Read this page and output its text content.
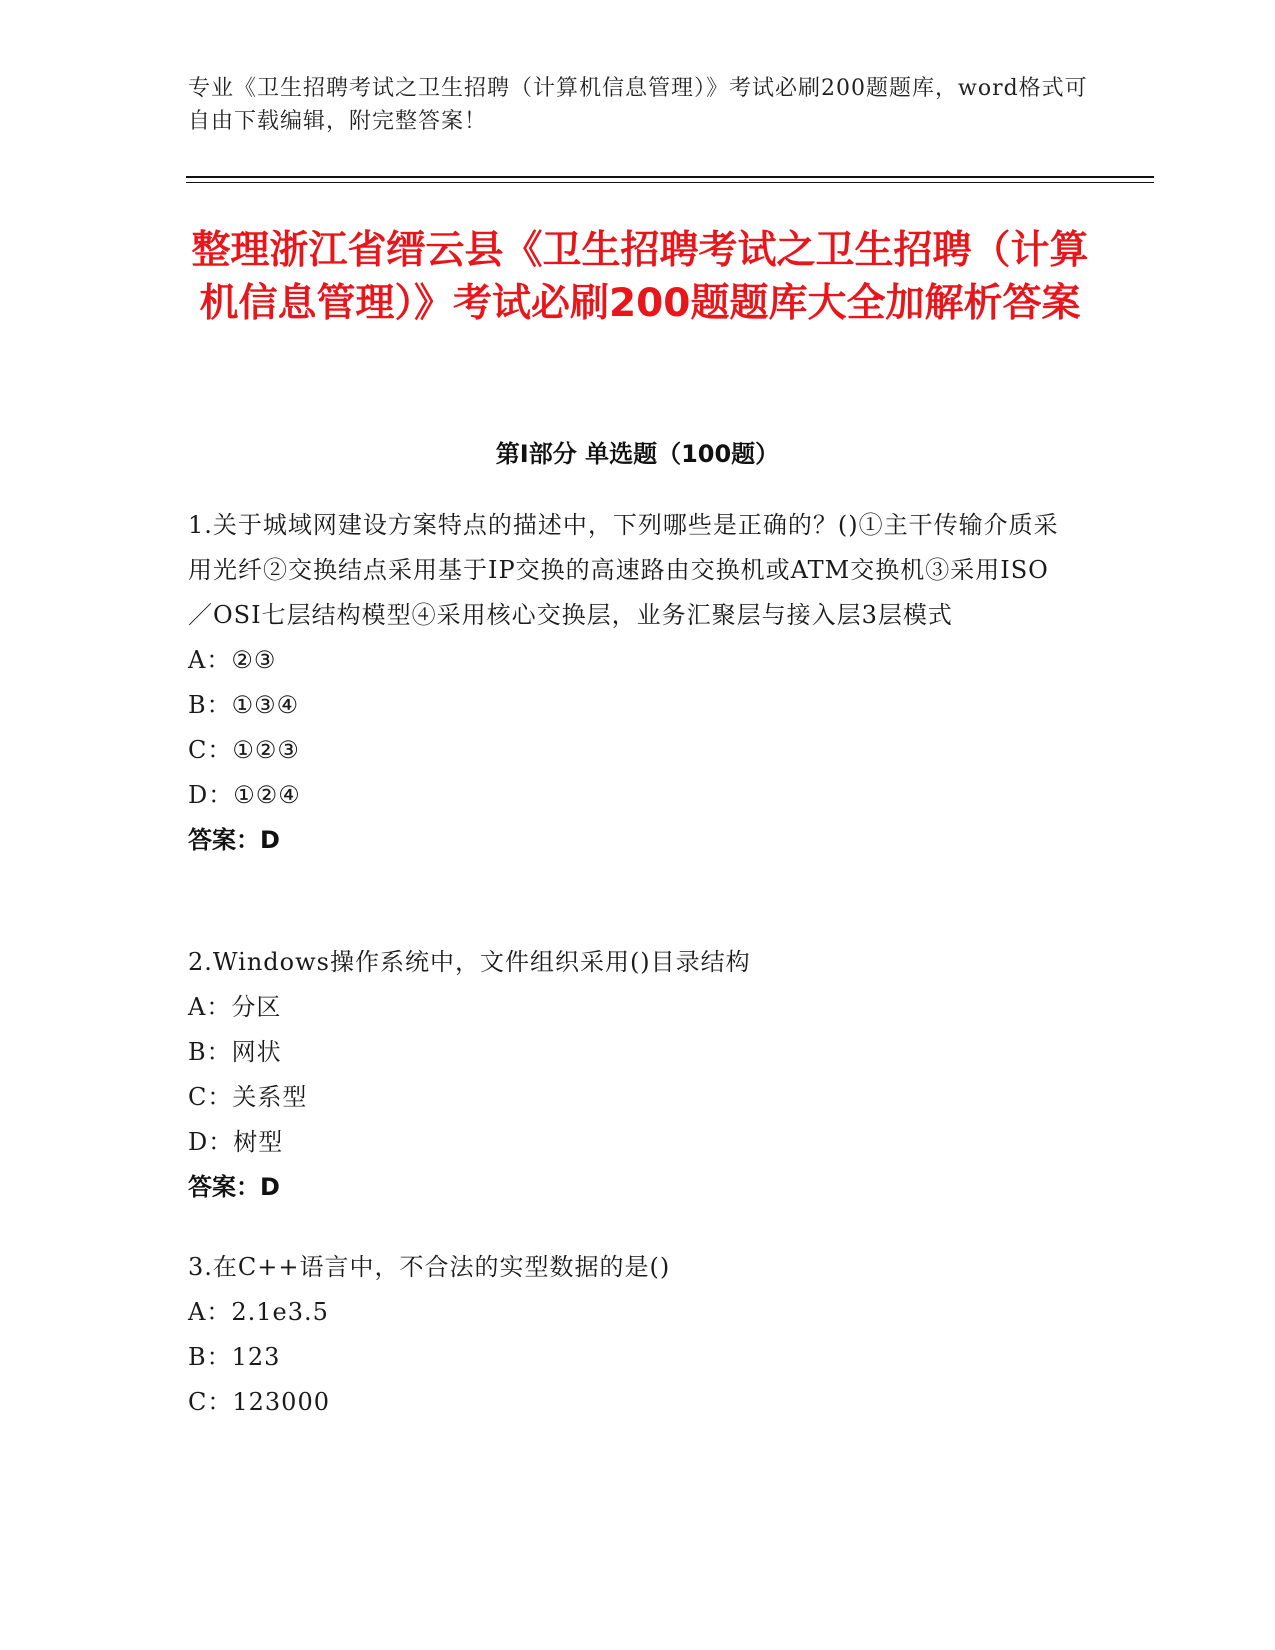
专业《卫生招聘考试之卫生招聘（计算机信息管理）》考试必刷200题题库，word格式可自由下载编辑，附完整答案！
整理浙江省缙云县《卫生招聘考试之卫生招聘（计算机信息管理）》考试必刷200题题库大全加解析答案
第Ⅰ部分 单选题（100题）
1.关于城域网建设方案特点的描述中，下列哪些是正确的？()①主干传输介质采用光纤②交换结点采用基于IP交换的高速路由交换机或ATM交换机③采用ISO／OSI七层结构模型④采用核心交换层，业务汇聚层与接入层3层模式
A：②③
B：①③④
C：①②③
D：①②④
答案：D
2.Windows操作系统中，文件组织采用()目录结构
A：分区
B：网状
C：关系型
D：树型
答案：D
3.在C++语言中，不合法的实型数据的是()
A：2.1e3.5
B：123
C：123000
